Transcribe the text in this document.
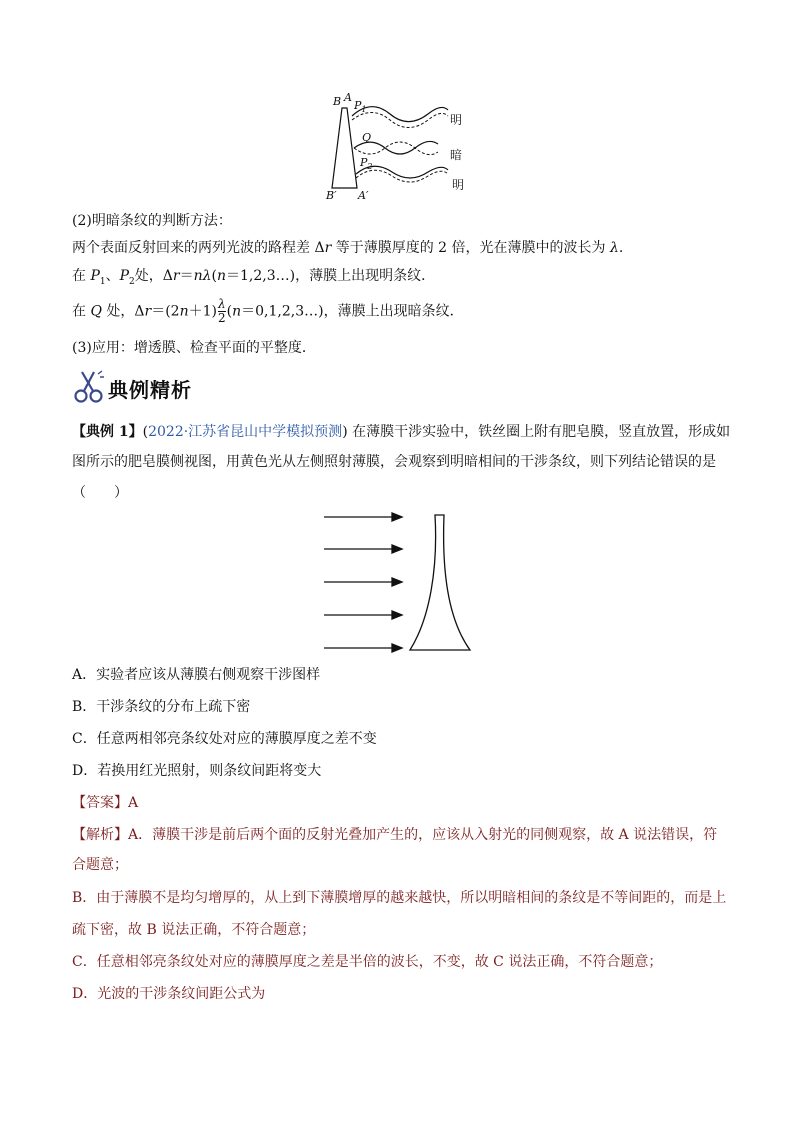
B A
$P_1$
Q
$P_2$
B′ A′
明
暗
明
(2)明暗条纹的判断方法：
两个表面反射回来的两列光波的路程差 Δr 等于薄膜厚度的 2 倍，光在薄膜中的波长为 λ.
在 $P_1$、$P_2$处，Δr＝nλ(n＝1,2,3…)，薄膜上出现明条纹．
在 Q 处，$\Delta r=(2n+1) \frac{\lambda}{2}$ (n＝0,1,2,3…)，薄膜上出现暗条纹．
(3)应用：增透膜、检查平面的平整度．
典例精析
【典例 1】(2022·江苏省昆山中学模拟预测) 在薄膜干涉实验中，铁丝圈上附有肥皂膜，竖直放置，形成如
图所示的肥皂膜侧视图，用黄色光从左侧照射薄膜，会观察到明暗相间的干涉条纹，则下列结论错误的是
（　　）
A．实验者应该从薄膜右侧观察干涉图样
B．干涉条纹的分布上疏下密
C．任意两相邻亮条纹处对应的薄膜厚度之差不变
D．若换用红光照射，则条纹间距将变大
【答案】A
【解析】A．薄膜干涉是前后两个面的反射光叠加产生的，应该从入射光的同侧观察，故 A 说法错误，符
合题意；
B．由于薄膜不是均匀增厚的，从上到下薄膜增厚的越来越快，所以明暗相间的条纹是不等间距的，而是上
疏下密，故 B 说法正确，不符合题意；
C．任意相邻亮条纹处对应的薄膜厚度之差是半倍的波长，不变，故 C 说法正确，不符合题意；
D．光波的干涉条纹间距公式为
